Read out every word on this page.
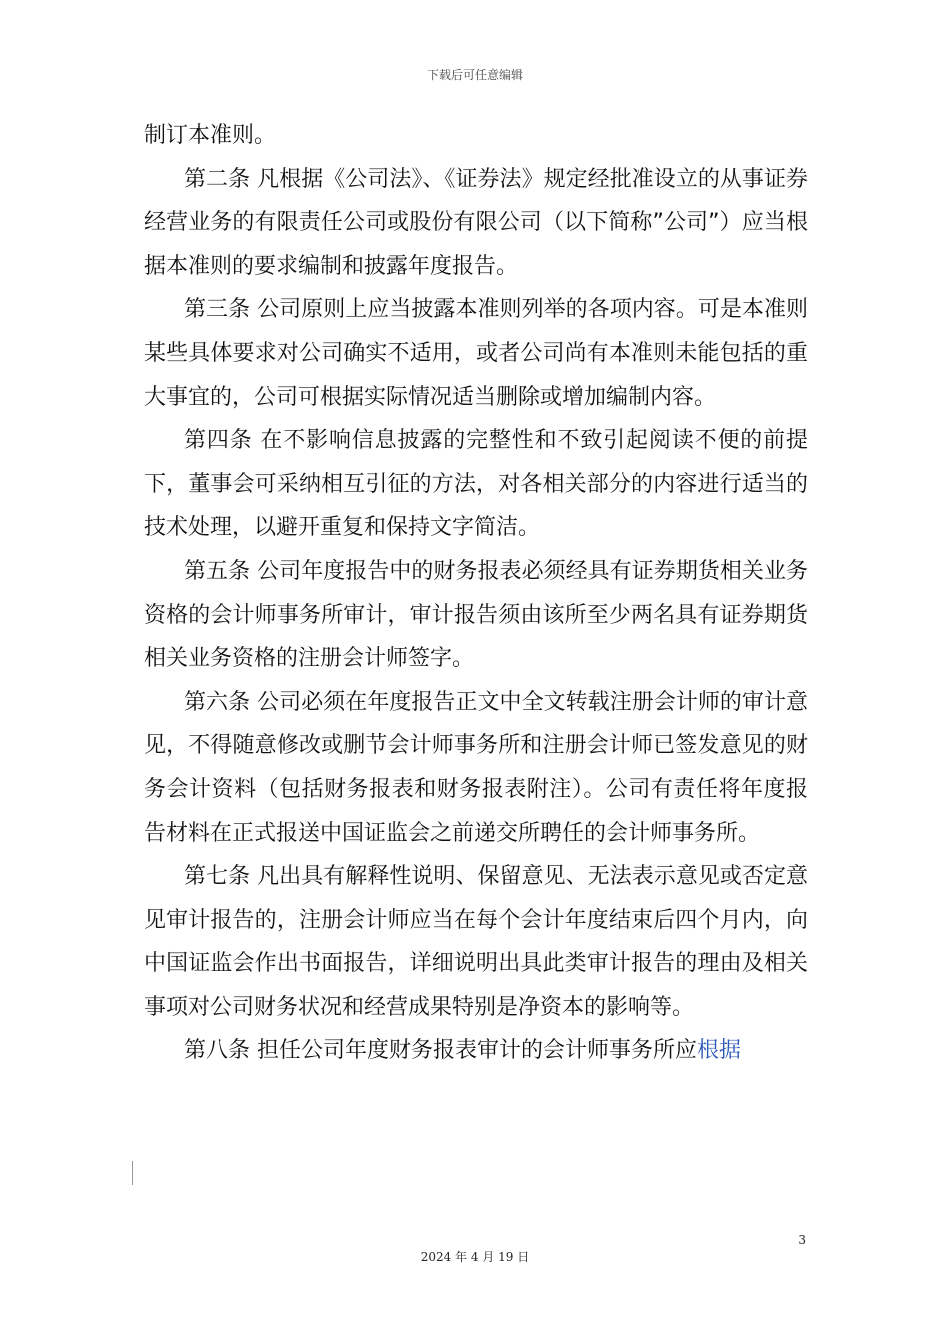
下载后可任意编辑

制订本准则。

第二条 凡根据《公司法》、《证券法》规定经批准设立的从事证券经营业务的有限责任公司或股份有限公司（以下简称”公司”）应当根据本准则的要求编制和披露年度报告。

第三条 公司原则上应当披露本准则列举的各项内容。可是本准则某些具体要求对公司确实不适用，或者公司尚有本准则未能包括的重大事宜的，公司可根据实际情况适当删除或增加编制内容。

第四条 在不影响信息披露的完整性和不致引起阅读不便的前提下，董事会可采纳相互引征的方法，对各相关部分的内容进行适当的技术处理，以避开重复和保持文字简洁。

第五条 公司年度报告中的财务报表必须经具有证券期货相关业务资格的会计师事务所审计，审计报告须由该所至少两名具有证券期货相关业务资格的注册会计师签字。

第六条 公司必须在年度报告正文中全文转载注册会计师的审计意见，不得随意修改或删节会计师事务所和注册会计师已签发意见的财务会计资料（包括财务报表和财务报表附注）。公司有责任将年度报告材料在正式报送中国证监会之前递交所聘任的会计师事务所。

第七条 凡出具有解释性说明、保留意见、无法表示意见或否定意见审计报告的，注册会计师应当在每个会计年度结束后四个月内，向中国证监会作出书面报告，详细说明出具此类审计报告的理由及相关事项对公司财务状况和经营成果特别是净资本的影响等。

第八条 担任公司年度财务报表审计的会计师事务所应根据

3
2024 年 4 月 19 日
